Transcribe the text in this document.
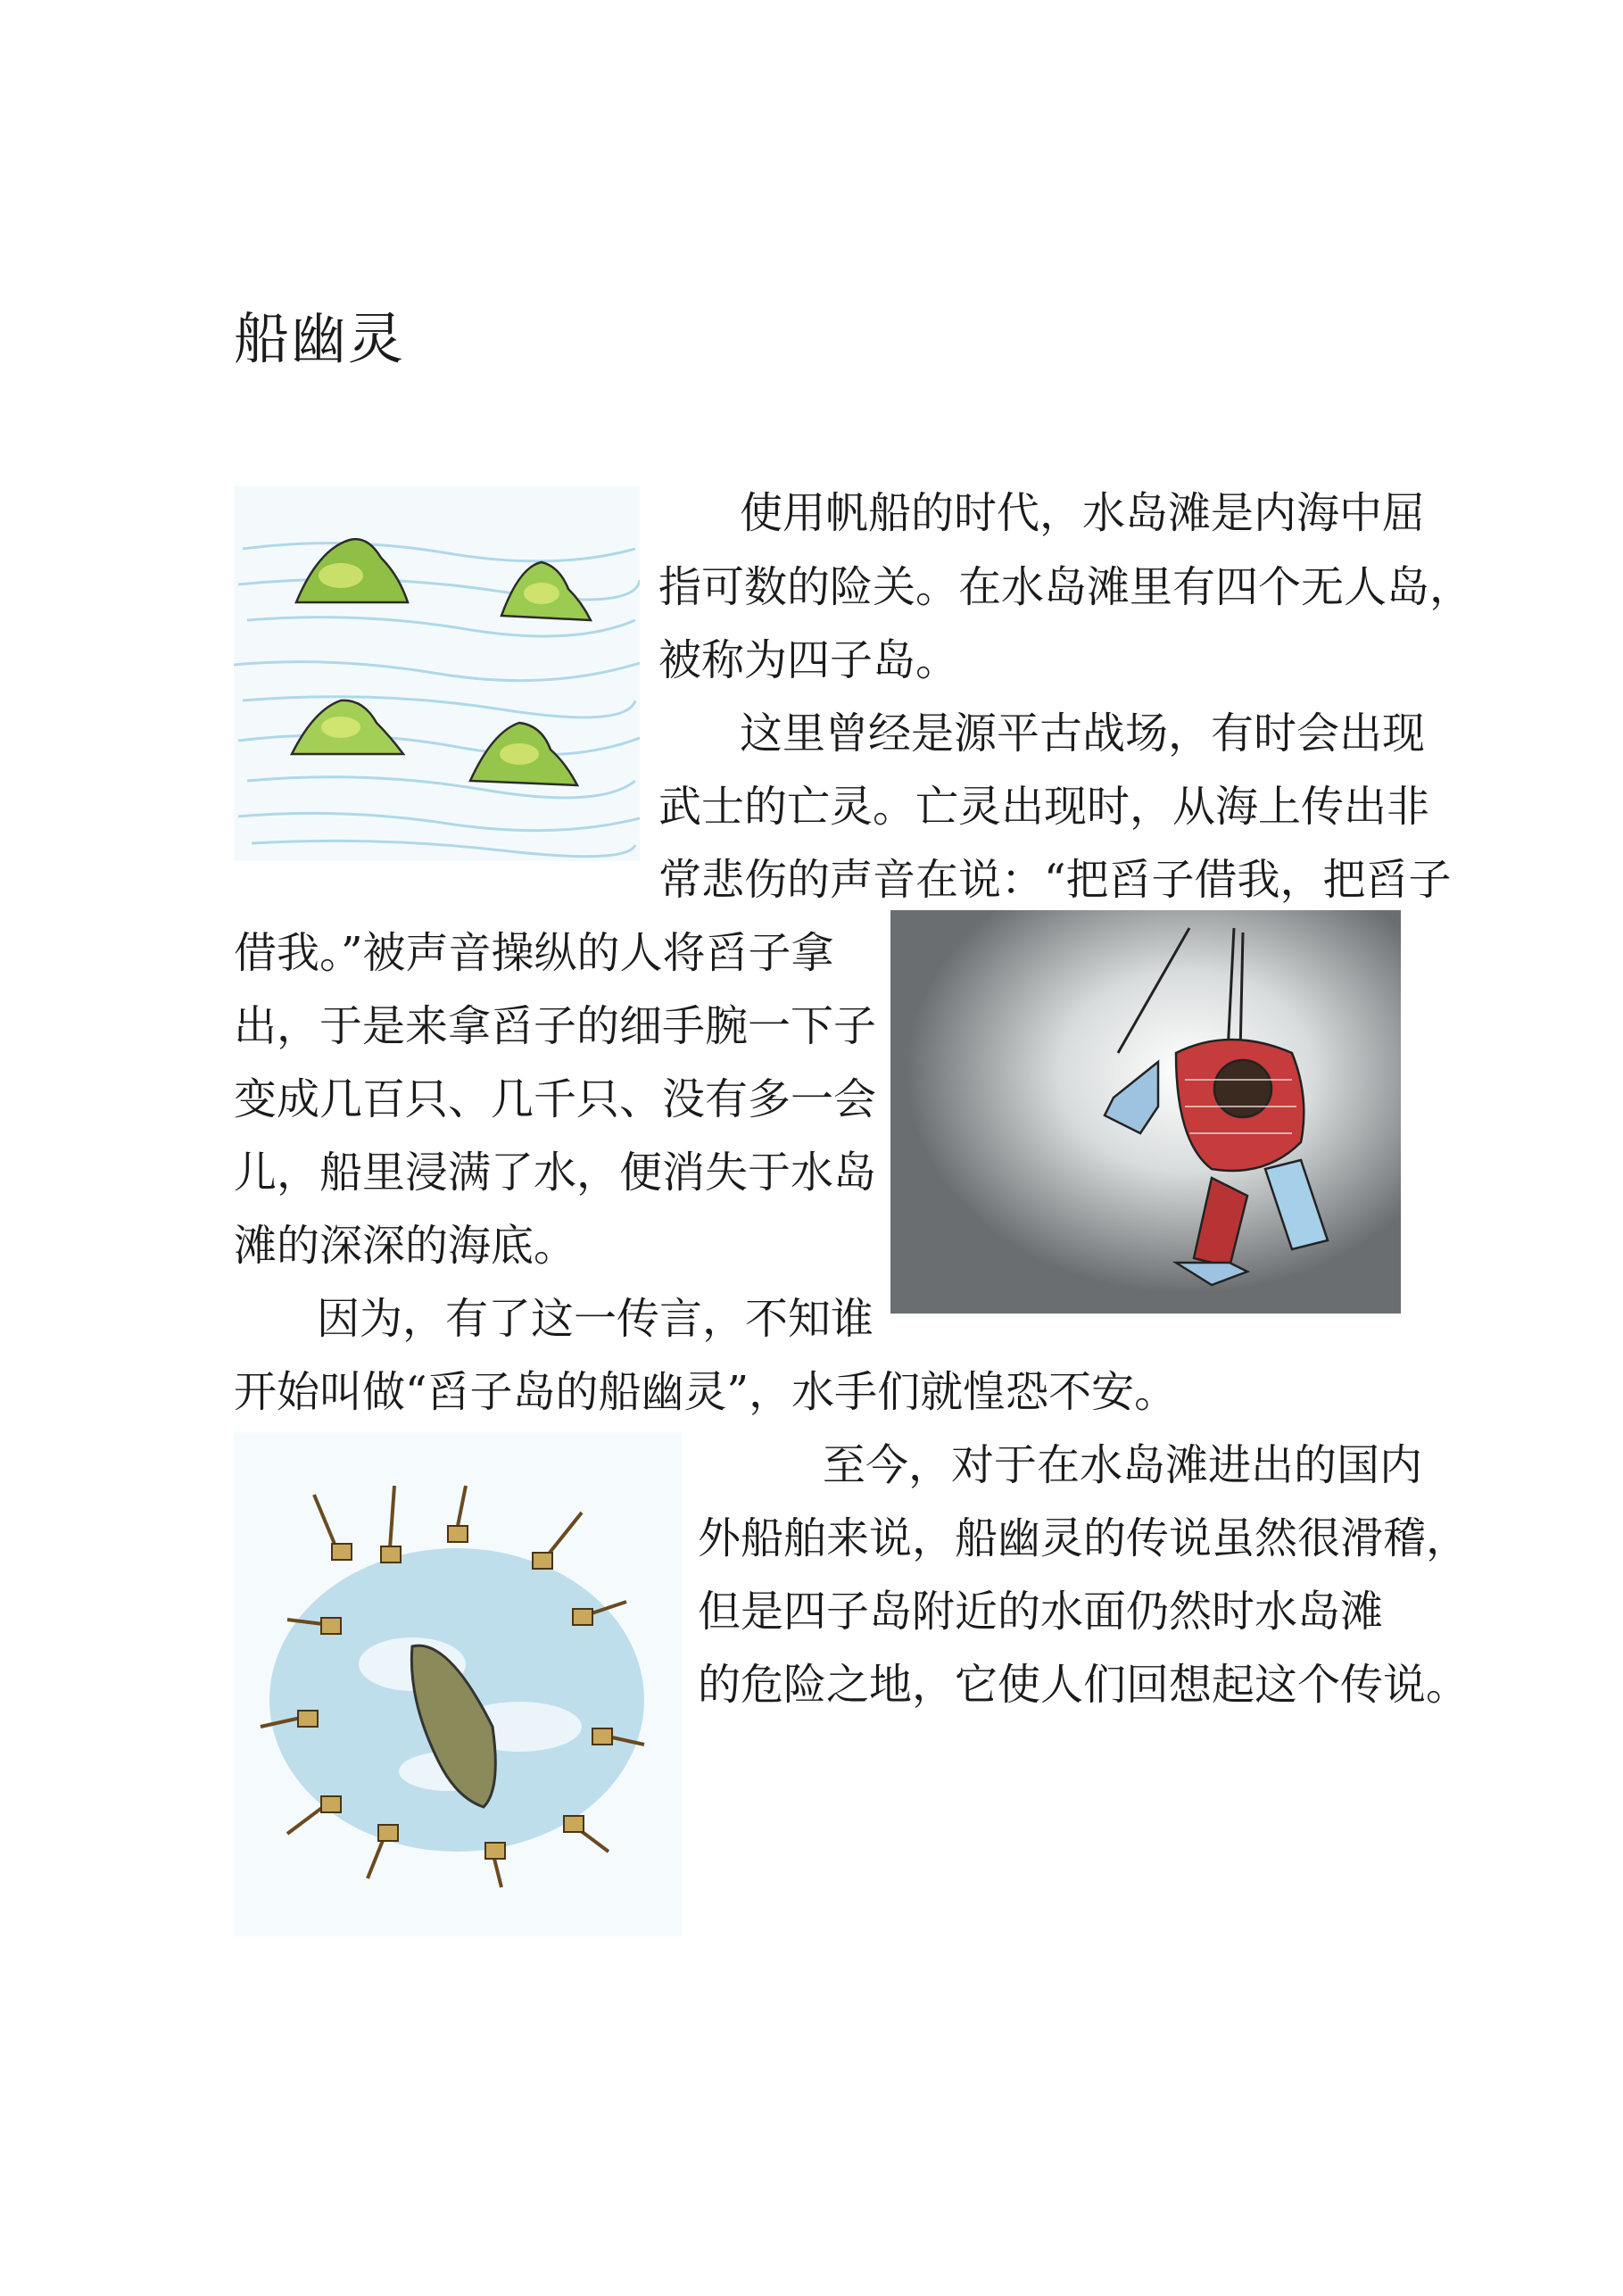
船幽灵
使用帆船的时代，水岛滩是内海中屈
指可数的险关。在水岛滩里有四个无人岛，
被称为四子岛。
这里曾经是源平古战场，有时会出现
武士的亡灵。亡灵出现时，从海上传出非
常悲伤的声音在说：“把舀子借我，把舀子
借我。”被声音操纵的人将舀子拿
出，于是来拿舀子的细手腕一下子
变成几百只、几千只、没有多一会
儿，船里浸满了水，便消失于水岛
滩的深深的海底。
因为，有了这一传言，不知谁
开始叫做“舀子岛的船幽灵”，水手们就惶恐不安。
至今，对于在水岛滩进出的国内
外船舶来说，船幽灵的传说虽然很滑稽，
但是四子岛附近的水面仍然时水岛滩
的危险之地，它使人们回想起这个传说。
